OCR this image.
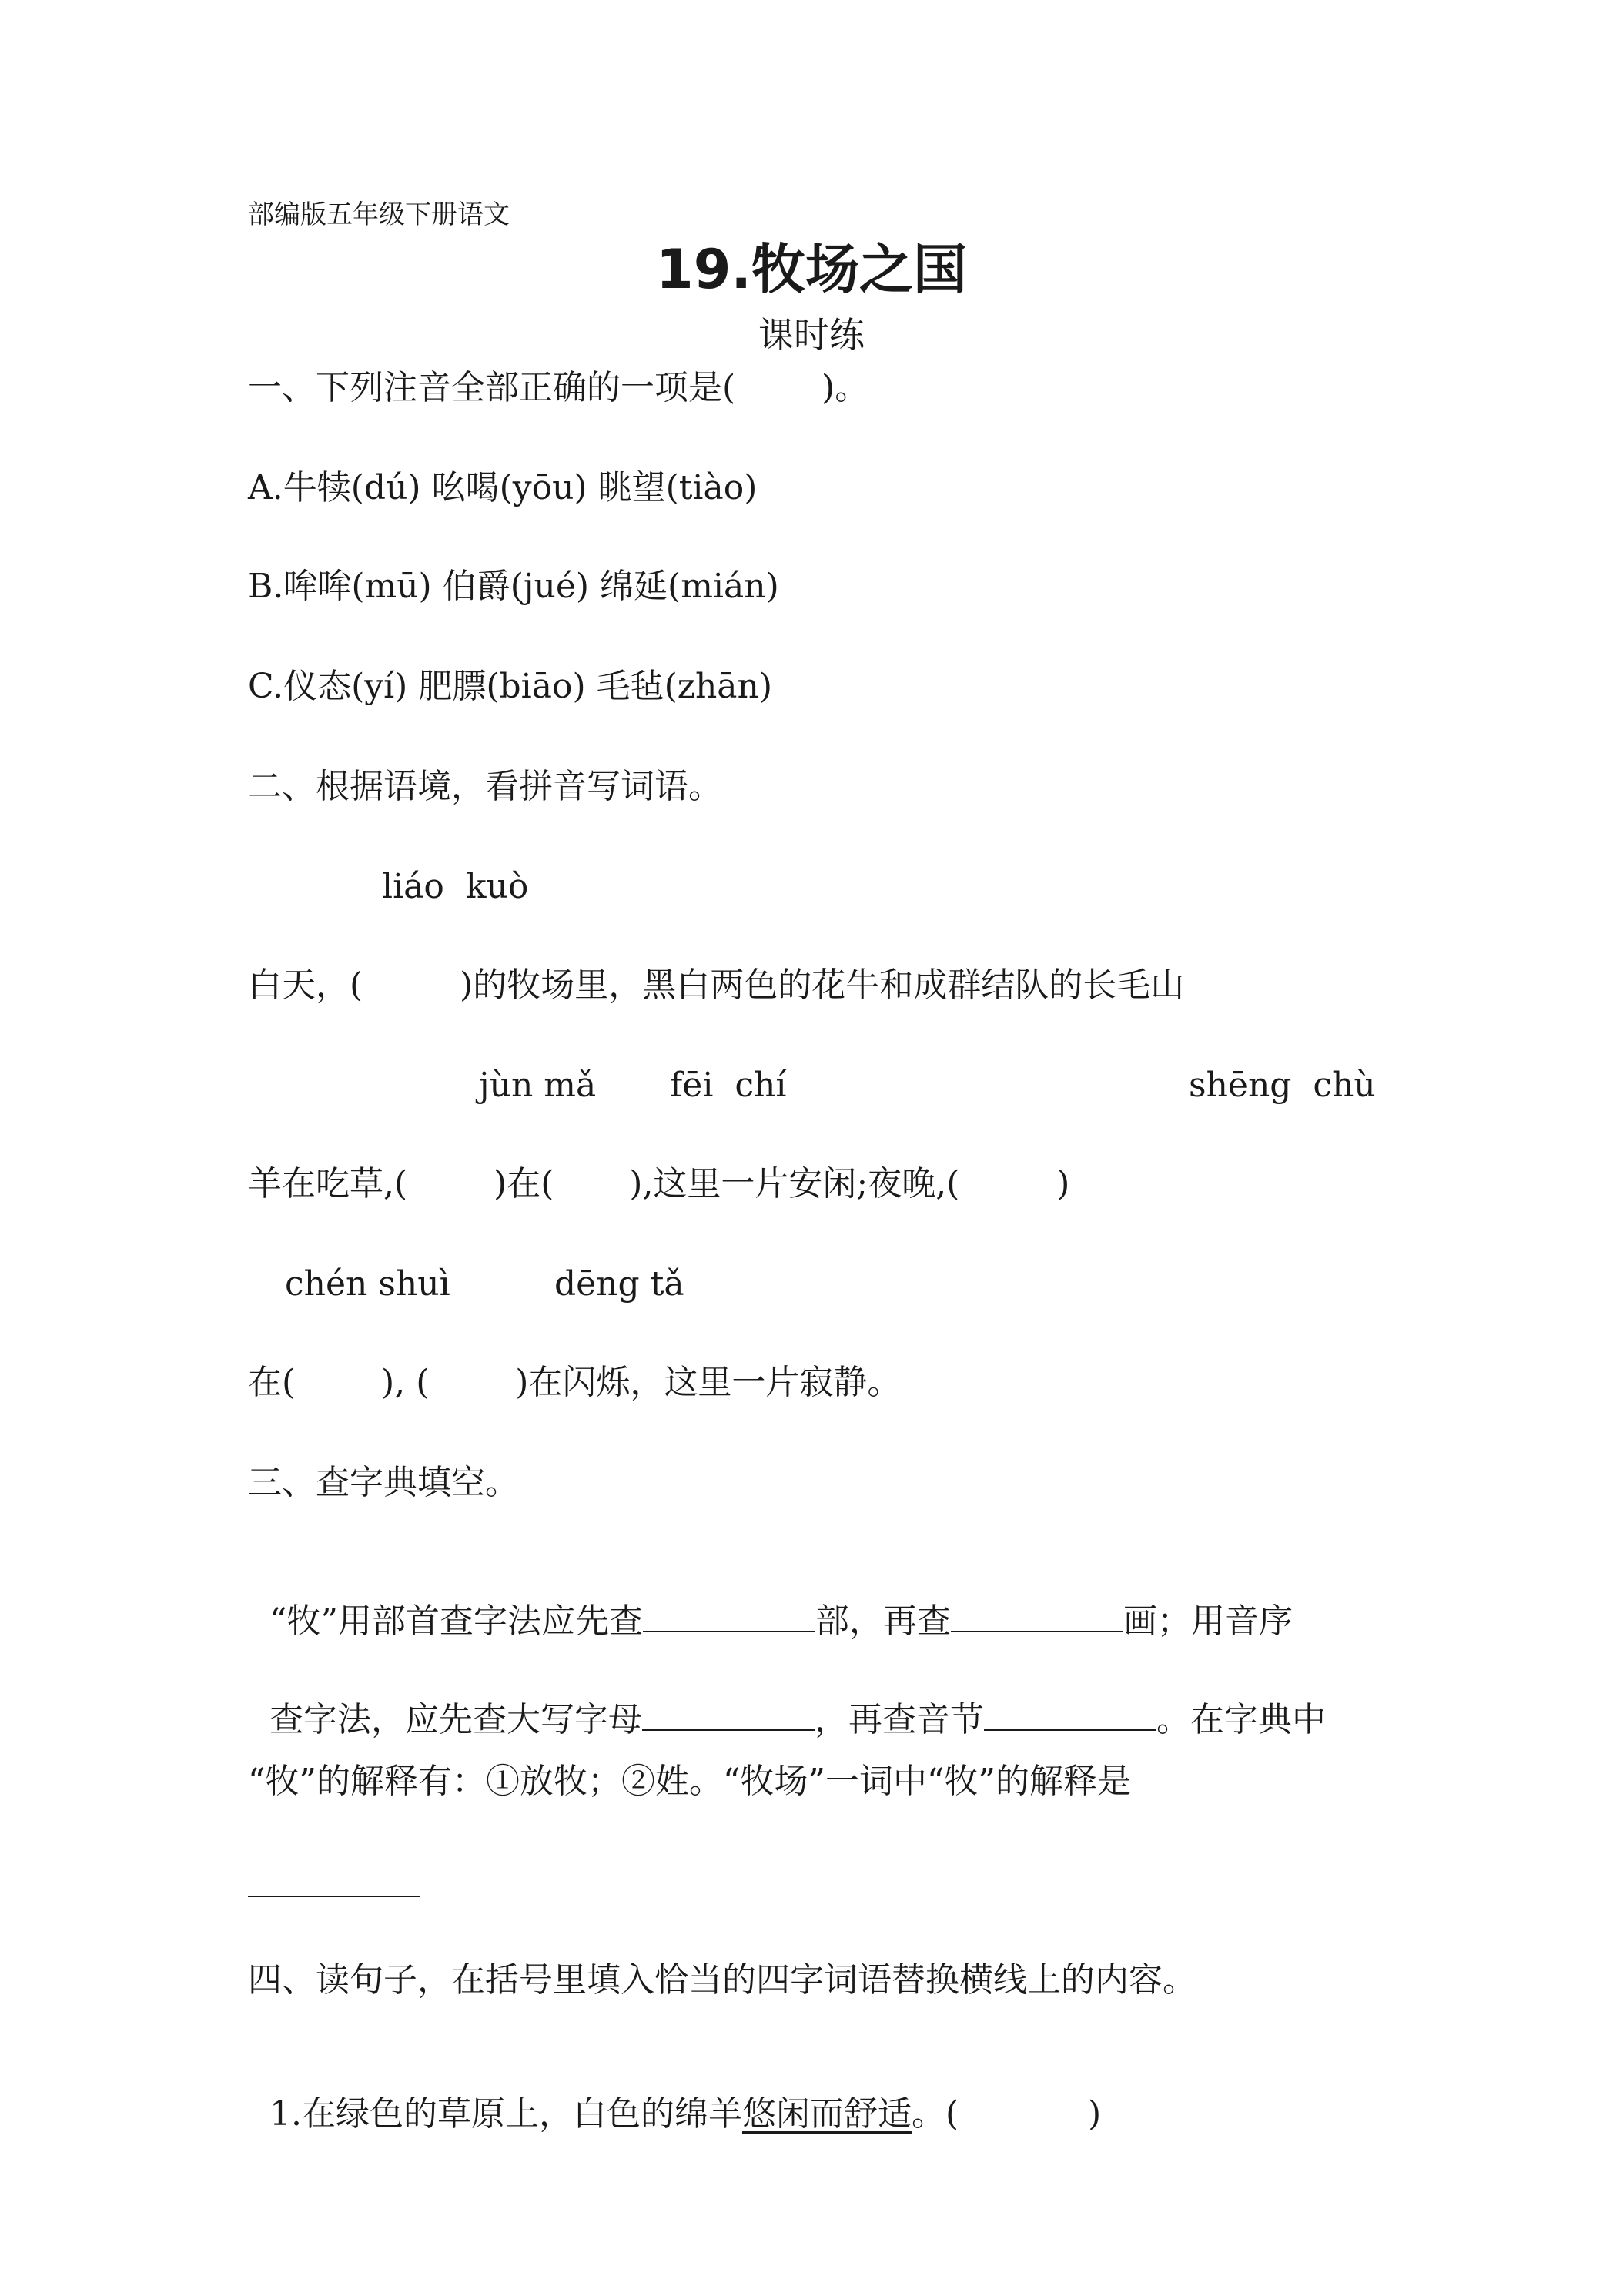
部编版五年级下册语文
19.牧场之国
课时练
一、下列注音全部正确的一项是(        )。
A.牛犊(dú) 吆喝(yōu) 眺望(tiào)
B.哞哞(mū) 伯爵(jué) 绵延(mián)
C.仪态(yí) 肥膘(biāo) 毛毡(zhān)
二、根据语境，看拼音写词语。
liáo  kuò
白天，(         )的牧场里，黑白两色的花牛和成群结队的长毛山
jùn mǎ fēi  chí	shēng  chù
羊在吃草,(        )在(       ),这里一片安闲;夜晚,(         )
chén shuì	dēng tǎ
在(        ), (        )在闪烁，这里一片寂静。
三、查字典填空。

“牧”用部首查字法应先查	部，再查	画；用音序

查字法，应先查大写字母	，再查音节	。在字典中

“牧”的解释有：①放牧；②姓。“牧场”一词中“牧”的解释是
四、读句子，在括号里填入恰当的四字词语替换横线上的内容。

1.在绿色的草原上，白色的绵羊悠闲而舒适。(            )
